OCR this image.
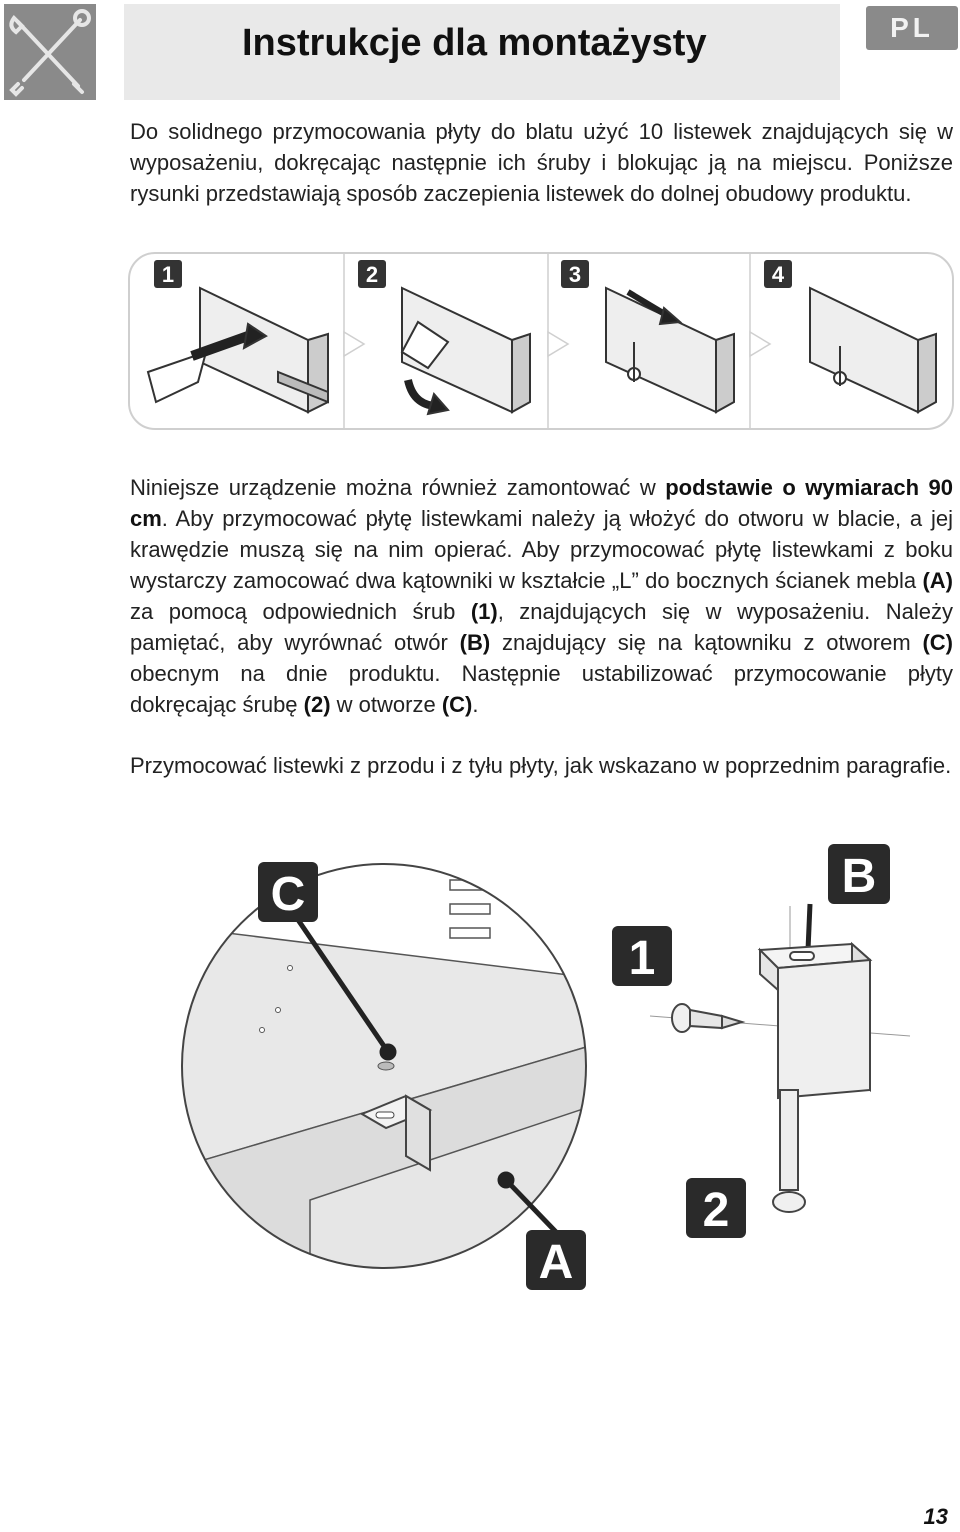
Instrukcje dla montażysty	PL

Do solidnego przymocowania płyty do blatu użyć 10 listewek znajdujących się w wyposażeniu, dokręcając następnie ich śruby i blokując ją na miejscu. Poniższe rysunki przedstawiają sposób zaczepienia listewek do dolnej obudowy produktu.

1	2	3	4

Niniejsze urządzenie można również zamontować w podstawie o wymiarach 90 cm. Aby przymocować płytę listewkami należy ją włożyć do otworu w blacie, a jej krawędzie muszą się na nim opierać. Aby przymocować płytę listewkami z boku wystarczy zamocować dwa kątowniki w kształcie „L” do bocznych ścianek mebla (A) za pomocą odpowiednich śrub (1), znajdujących się w wyposażeniu. Należy pamiętać, aby wyrównać otwór (B) znajdujący się na kątowniku z otworem (C) obecnym na dnie produktu. Następnie ustabilizować przymocowanie płyty dokręcając śrubę (2) w otworze (C).

Przymocować listewki z przodu i z tyłu płyty, jak wskazano w poprzednim paragrafie.

C
A
B
1
2
13
